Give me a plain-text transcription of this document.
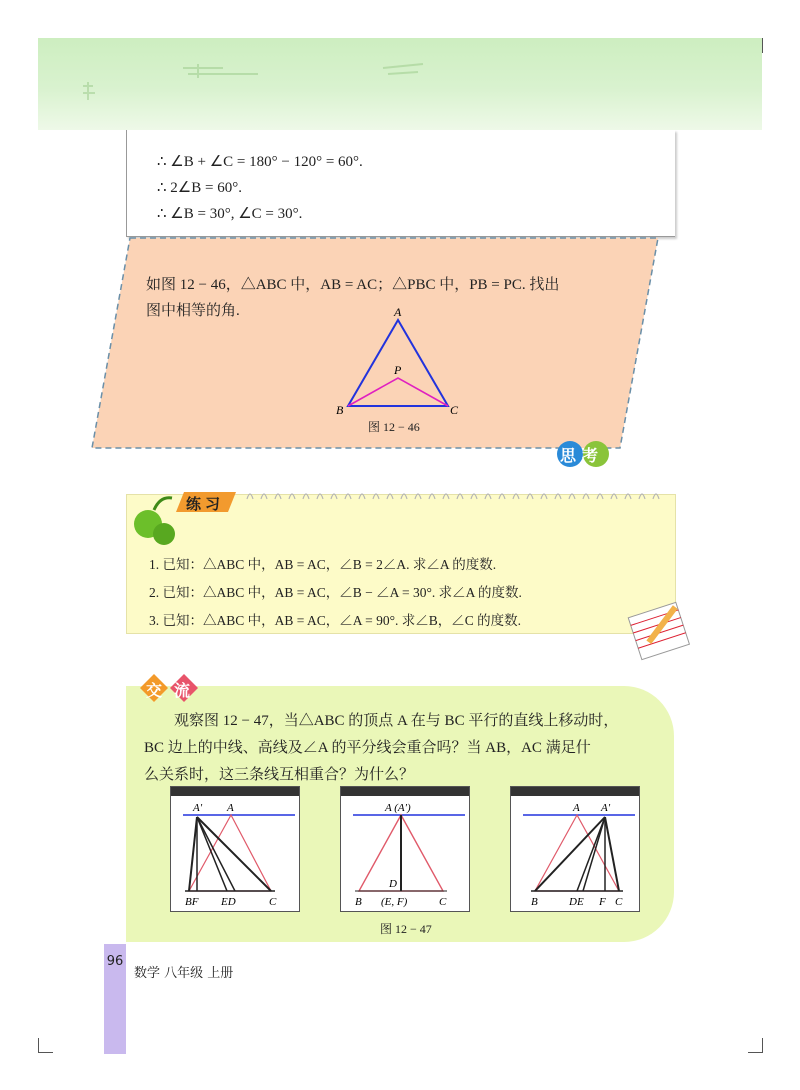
∴ ∠B + ∠C = 180° − 120° = 60°.
∴ 2∠B = 60°.
∴ ∠B = 30°, ∠C = 30°.
如图 12 − 46，△ABC 中，AB = AC；△PBC 中，PB = PC. 找出
图中相等的角.	A
P
B	C
图 12 − 46
思考
1. 已知：△ABC 中，AB = AC，∠B = 2∠A. 求∠A 的度数.
2. 已知：△ABC 中，AB = AC，∠B − ∠A = 30°. 求∠A 的度数.
3. 已知：△ABC 中，AB = AC，∠A = 90°. 求∠B，∠C 的度数.
练习
观察图 12 − 47，当△ABC 的顶点 A 在与 BC 平行的直线上移动时，
BC 边上的中线、高线及∠A 的平分线会重合吗？当 AB，AC 满足什
么关系时，这三条线互相重合？为什么？
A′ A
BF ED	C
A (A′)
D
B (E, F)	C
A A′
B	DE F C
图 12 − 47
交流
96
数学 八年级 上册
